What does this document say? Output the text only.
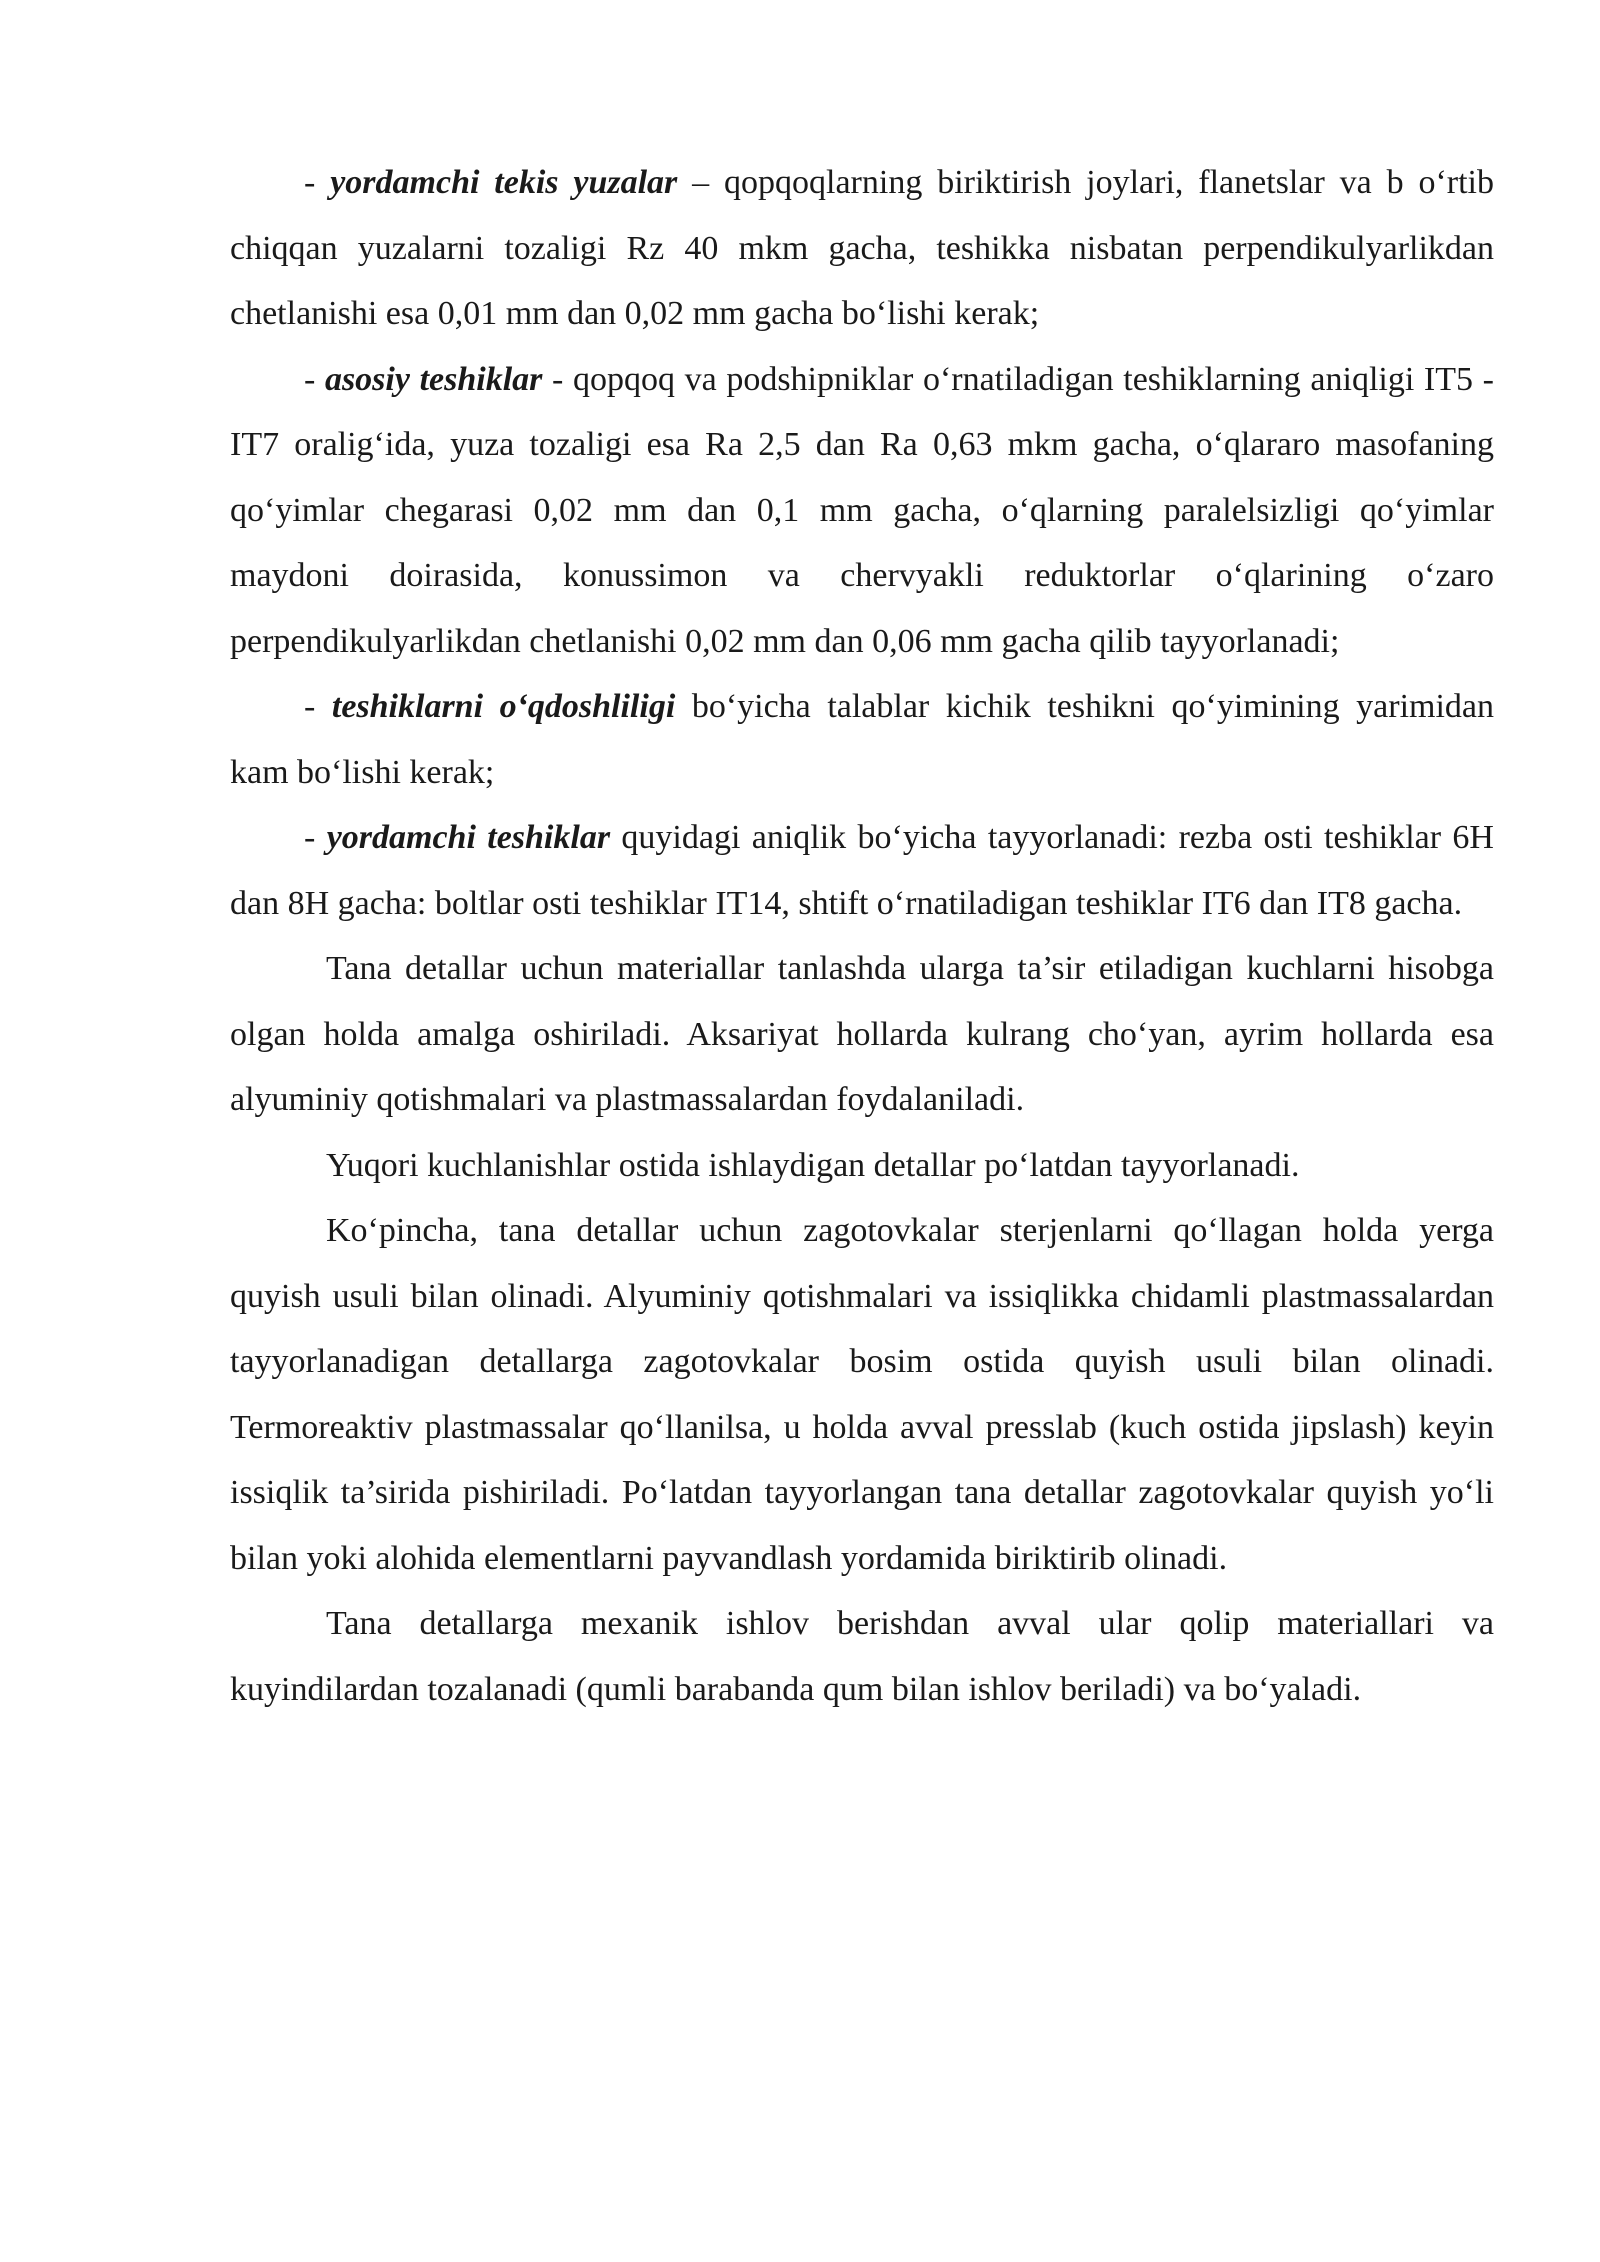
- yordamchi tekis yuzalar – qopqoqlarning biriktirish joylari, flanetslar va b o‘rtib chiqqan yuzalarni tozaligi Rz 40 mkm gacha, teshikka nisbatan perpendikulyarlikdan chetlanishi esa 0,01 mm dan 0,02 mm gacha bo‘lishi kerak;

- asosiy teshiklar - qopqoq va podshipniklar o‘rnatiladigan teshiklarning aniqligi IT5 - IT7 oralig‘ida, yuza tozaligi esa Ra 2,5 dan Ra 0,63 mkm gacha, o‘qlararo masofaning qo‘yimlar chegarasi 0,02 mm dan 0,1 mm gacha, o‘qlarning paralelsizligi qo‘yimlar maydoni doirasida, konussimon va chervyakli reduktorlar o‘qlarining o‘zaro perpendikulyarlikdan chetlanishi 0,02 mm dan 0,06 mm gacha qilib tayyorlanadi;

- teshiklarni o‘qdoshliligi bo‘yicha talablar kichik teshikni qo‘yimining yarimidan kam bo‘lishi kerak;

- yordamchi teshiklar quyidagi aniqlik bo‘yicha tayyorlanadi: rezba osti teshiklar 6H dan 8H gacha: boltlar osti teshiklar IT14, shtift o‘rnatiladigan teshiklar IT6 dan IT8 gacha.

Tana detallar uchun materiallar tanlashda ularga ta’sir etiladigan kuchlarni hisobga olgan holda amalga oshiriladi. Aksariyat hollarda kulrang cho‘yan, ayrim hollarda esa alyuminiy qotishmalari va plastmassalardan foydalaniladi.

Yuqori kuchlanishlar ostida ishlaydigan detallar po‘latdan tayyorlanadi.

Ko‘pincha, tana detallar uchun zagotovkalar sterjenlarni qo‘llagan holda yerga quyish usuli bilan olinadi. Alyuminiy qotishmalari va issiqlikka chidamli plastmassalardan tayyorlanadigan detallarga zagotovkalar bosim ostida quyish usuli bilan olinadi. Termoreaktiv plastmassalar qo‘llanilsa, u holda avval presslab (kuch ostida jipslash) keyin issiqlik ta’sirida pishiriladi. Po‘latdan tayyorlangan tana detallar zagotovkalar quyish yo‘li bilan yoki alohida elementlarni payvandlash yordamida biriktirib olinadi.

Tana detallarga mexanik ishlov berishdan avval ular qolip materiallari va kuyindilardan tozalanadi (qumli barabanda qum bilan ishlov beriladi) va bo‘yaladi.
